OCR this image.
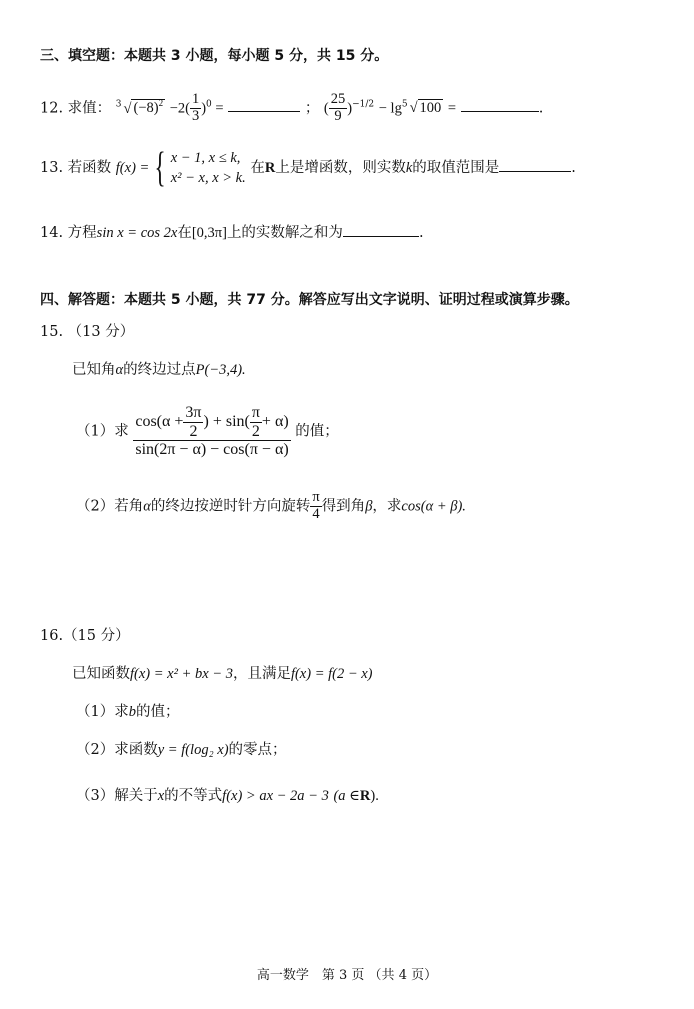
三、填空题：本题共 3 小题，每小题 5 分，共 15 分。
12. 求值： $^3$ √ $(-8)^2 -2( \frac{1}{3} )^0$ =	； ( $\frac{25}{9} )^{-1/2} - \lg^5$ √ 100 =	.
13. 若函数 f(x) = { x − 1, x ≤ k,
x² − x, x > k.
在R上是增函数，则实数k的取值范围是	.
14. 方程sin x = cos 2x在[0,3π]上的实数解之和为	.
四、解答题：本题共 5 小题，共 77 分。解答应写出文字说明、证明过程或演算步骤。
15. （13 分）
已知角α的终边过点P(−3,4).
（1）求 $\frac{\cos(\alpha + \frac{3\pi}{2} ) + \sin( \frac{\pi}{2} + \alpha)}{\sin(2\pi - \alpha) - \cos(\pi - \alpha)}$ 的值；
（2）若角α的终边按逆时针方向旋转 $\frac{\pi}{4}$ 得到角β，求cos(α + β).
16.（15 分）
已知函数f(x) = x² + bx − 3，且满足f(x) = f(2 − x)
（1）求b的值；
（2）求函数y = f(log₂ x)的零点；
（3）解关于x的不等式f(x) > ax − 2a − 3 (a ∈R).
高一数学　第 3 页 （共 4 页）
